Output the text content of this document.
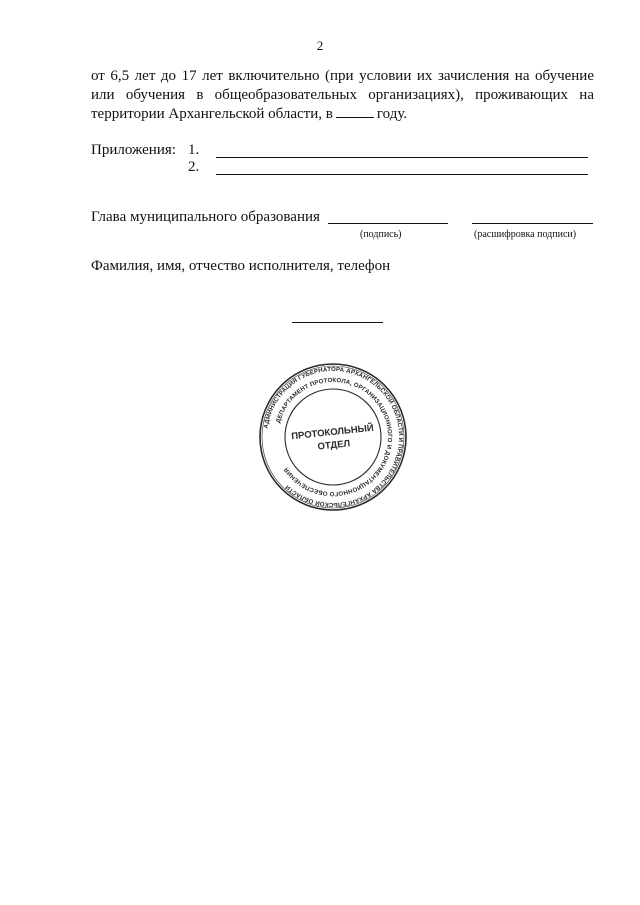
2
от 6,5 лет до 17 лет включительно (при условии их зачисления на обучение
или обучения в общеобразовательных организациях), проживающих на
территории Архангельской области, в	году.
Приложения: 1.
2.
Глава муниципального образования
(подпись)	(расшифровка подписи)
Фамилия, имя, отчество исполнителя, телефон
АДМИНИСТРАЦИЯ ГУБЕРНАТОРА АРХАНГЕЛЬСКОЙ ОБЛАСТИ И ПРАВИТЕЛЬСТВА АРХАНГЕЛЬСКОЙ ОБЛАСТИ
ДЕПАРТАМЕНТ ПРОТОКОЛА, ОРГАНИЗАЦИОННОГО И ДОКУМЕНТАЦИОННОГО ОБЕСПЕЧЕНИЯ
ПРОТОКОЛЬНЫЙ
ОТДЕЛ
